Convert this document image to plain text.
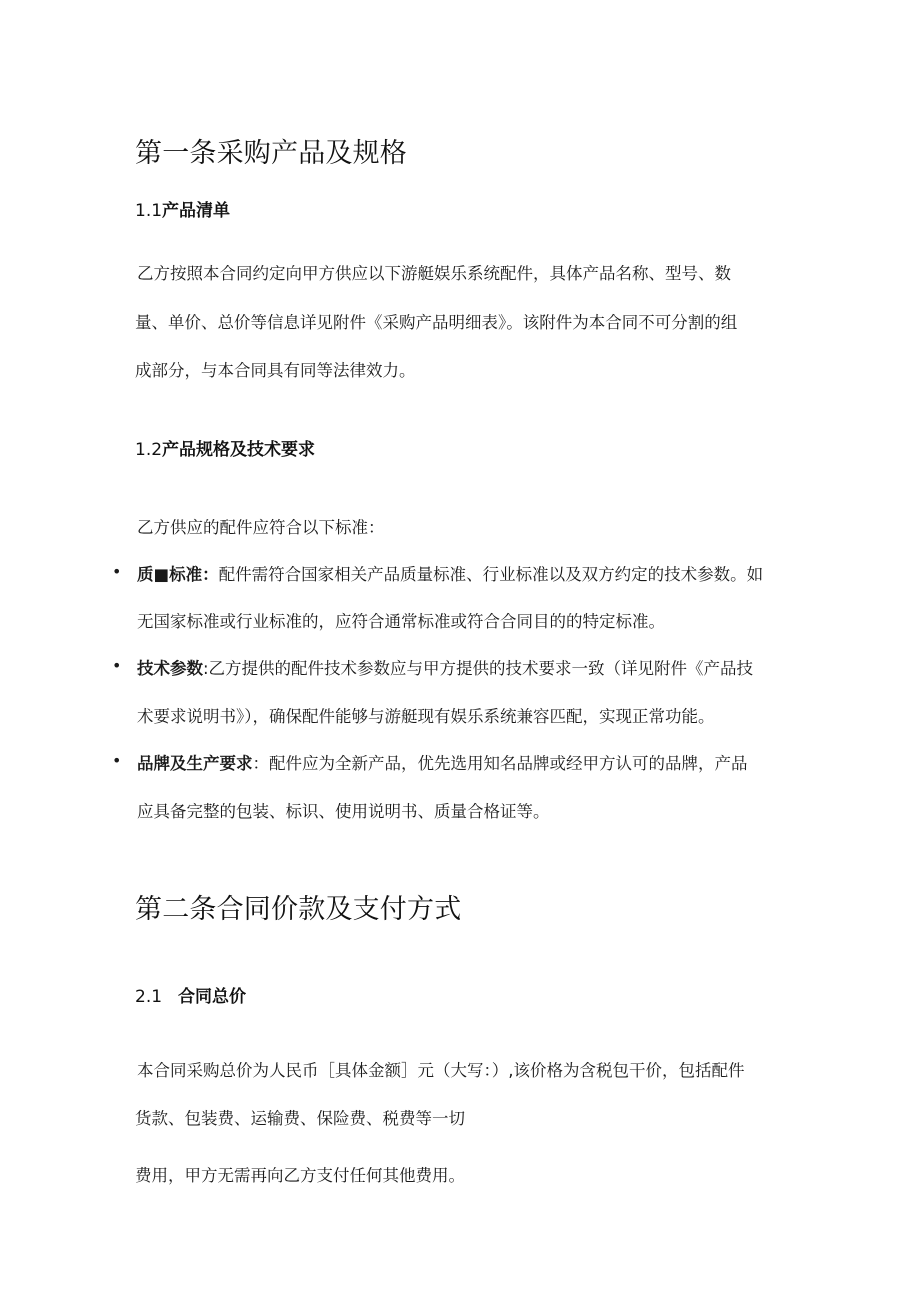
第一条采购产品及规格
1.1产品清单
乙方按照本合同约定向甲方供应以下游艇娱乐系统配件，具体产品名称、型号、数
量、单价、总价等信息详见附件《采购产品明细表》。该附件为本合同不可分割的组
成部分，与本合同具有同等法律效力。
1.2产品规格及技术要求
乙方供应的配件应符合以下标准：
• 质■标准：配件需符合国家相关产品质量标准、行业标准以及双方约定的技术参数。如
无国家标准或行业标准的，应符合通常标准或符合合同目的的特定标准。
• 技术参数:乙方提供的配件技术参数应与甲方提供的技术要求一致（详见附件《产品技
术要求说明书》），确保配件能够与游艇现有娱乐系统兼容匹配，实现正常功能。
• 品牌及生产要求：配件应为全新产品，优先选用知名品牌或经甲方认可的品牌，产品
应具备完整的包装、标识、使用说明书、质量合格证等。
第二条合同价款及支付方式
2.1 合同总价
本合同采购总价为人民币［具体金额］元（大写：）,该价格为含税包干价，包括配件
货款、包装费、运输费、保险费、税费等一切
费用，甲方无需再向乙方支付任何其他费用。
